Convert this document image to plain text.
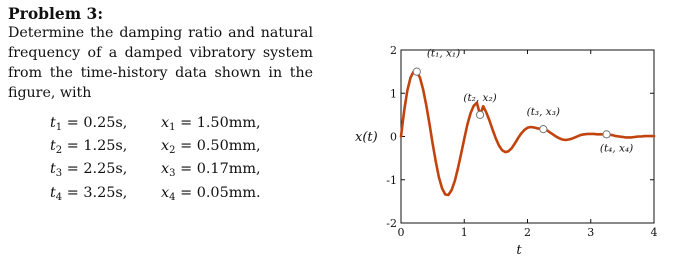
Problem 3:
Determine the damping ratio and natural frequency of a damped vibratory system from the time-history data shown in the figure, with
$t_1 = 0.25s$,	$x_1 = 1.50mm$,
$t_2 = 1.25s$,	$x_2 = 0.50mm$,
$t_3 = 2.25s$,	$x_3 = 0.17mm$,
$t_4 = 3.25s$,	$x_4 = 0.05mm$.
0	1	2	3	4
2
1
0
-1
-2
(t₁, x₁)
(t₂, x₂)
(t₃, x₃)
(t₄, x₄)
x(t)
t
